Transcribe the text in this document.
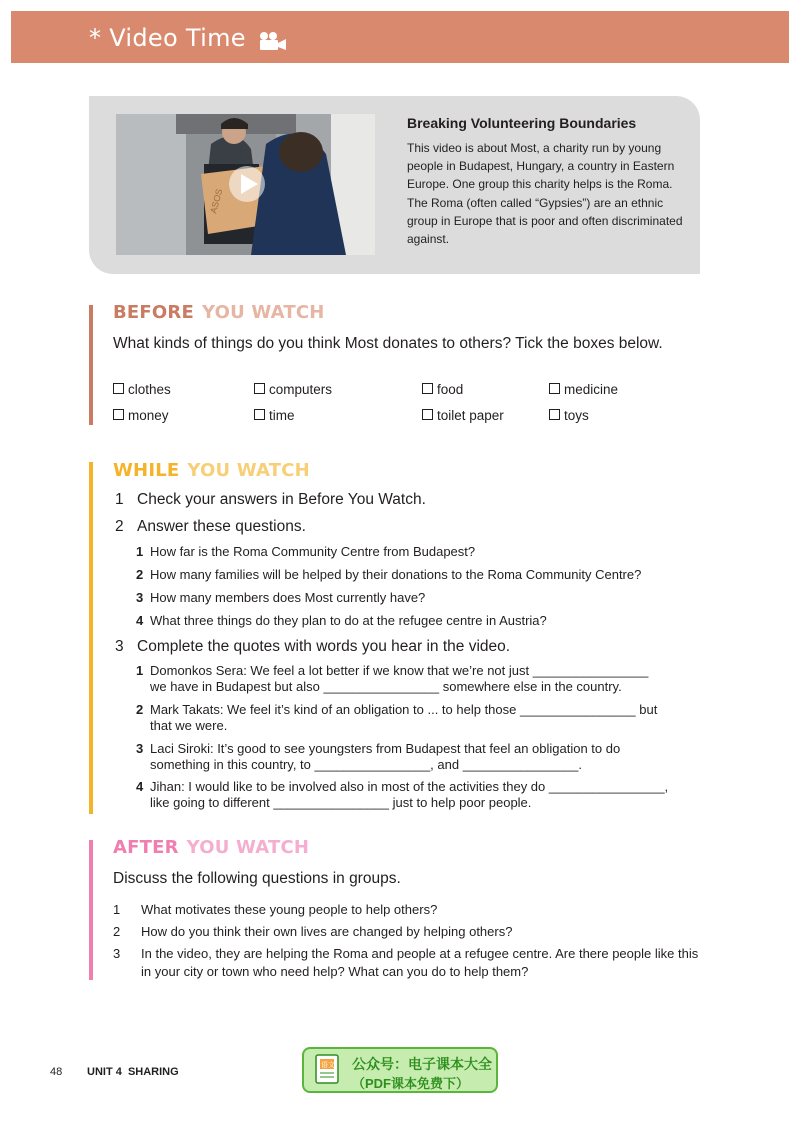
* Video Time
ASOS
Breaking Volunteering Boundaries
This video is about Most, a charity run by young people in Budapest, Hungary, a country in Eastern Europe. One group this charity helps is the Roma. The Roma (often called “Gypsies”) are an ethnic group in Europe that is poor and often discriminated against.
BEFORE YOU WATCH
What kinds of things do you think Most donates to others? Tick the boxes below.
clothes	computers	food	medicine
money	time	toilet paper	toys
WHILE YOU WATCH
1 Check your answers in Before You Watch.
2 Answer these questions.
1 How far is the Roma Community Centre from Budapest?
2 How many families will be helped by their donations to the Roma Community Centre?
3 How many members does Most currently have?
4 What three things do they plan to do at the refugee centre in Austria?
3 Complete the quotes with words you hear in the video.
1 Domonkos Sera: We feel a lot better if we know that we’re not just ________________
we have in Budapest but also ________________ somewhere else in the country.
2 Mark Takats: We feel it’s kind of an obligation to ... to help those ________________ but
that we were.
3 Laci Siroki: It’s good to see youngsters from Budapest that feel an obligation to do
something in this country, to ________________, and ________________.
4 Jihan: I would like to be involved also in most of the activities they do ________________,
like going to different ________________ just to help poor people.
AFTER YOU WATCH
Discuss the following questions in groups.
1 What motivates these young people to help others?
2 How do you think their own lives are changed by helping others?
3 In the video, they are helping the Roma and people at a refugee centre. Are there people like this
in your city or town who need help? What can you do to help them?
48 UNIT 4  SHARING
语文 公众号：电子课本大全
（PDF课本免费下）
